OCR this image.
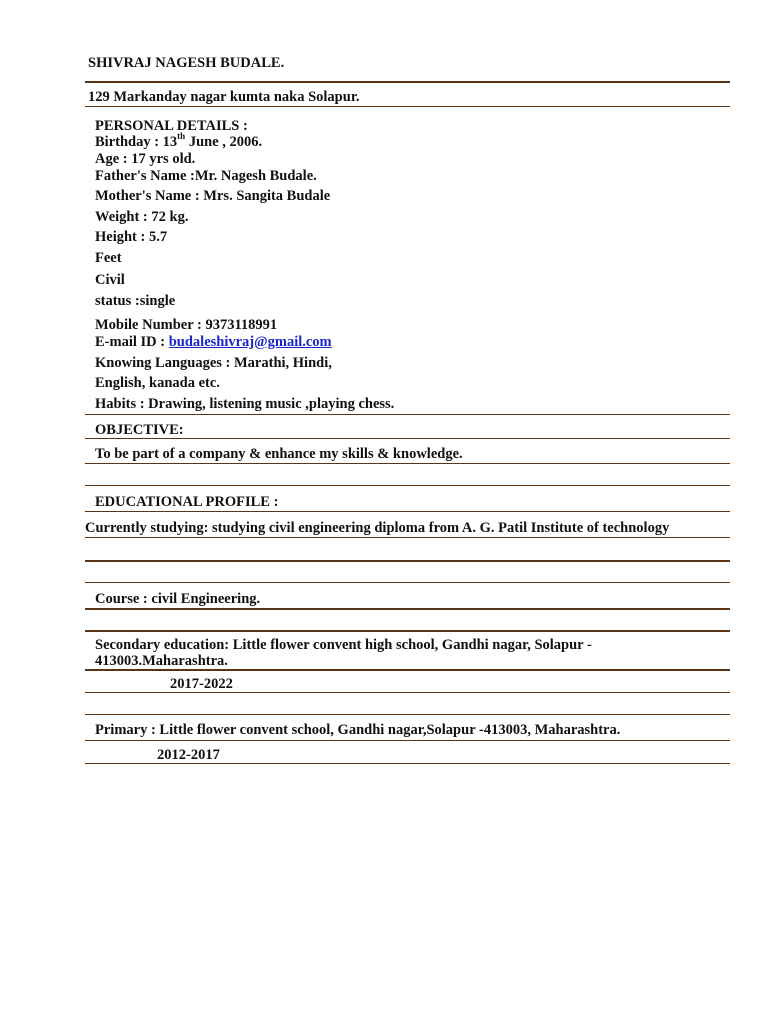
SHIVRAJ NAGESH BUDALE.
129 Markanday nagar kumta naka Solapur.
PERSONAL DETAILS :
Birthday : 13th June , 2006.
Age : 17 yrs old.
Father's Name :Mr. Nagesh Budale.
Mother's Name : Mrs. Sangita Budale
Weight : 72 kg.
Height : 5.7
Feet
Civil
status :single
Mobile Number : 9373118991
E-mail ID : budaleshivraj@gmail.com
Knowing Languages : Marathi, Hindi,
English, kanada etc.
Habits : Drawing, listening music ,playing chess.
OBJECTIVE:
To be part of a company & enhance my skills & knowledge.
EDUCATIONAL PROFILE :
Currently studying: studying civil engineering diploma from A. G. Patil Institute of technology
Course : civil Engineering.
Secondary education: Little flower convent high school, Gandhi nagar, Solapur -
413003.Maharashtra.
2017-2022
Primary : Little flower convent school, Gandhi nagar,Solapur -413003, Maharashtra.
2012-2017
